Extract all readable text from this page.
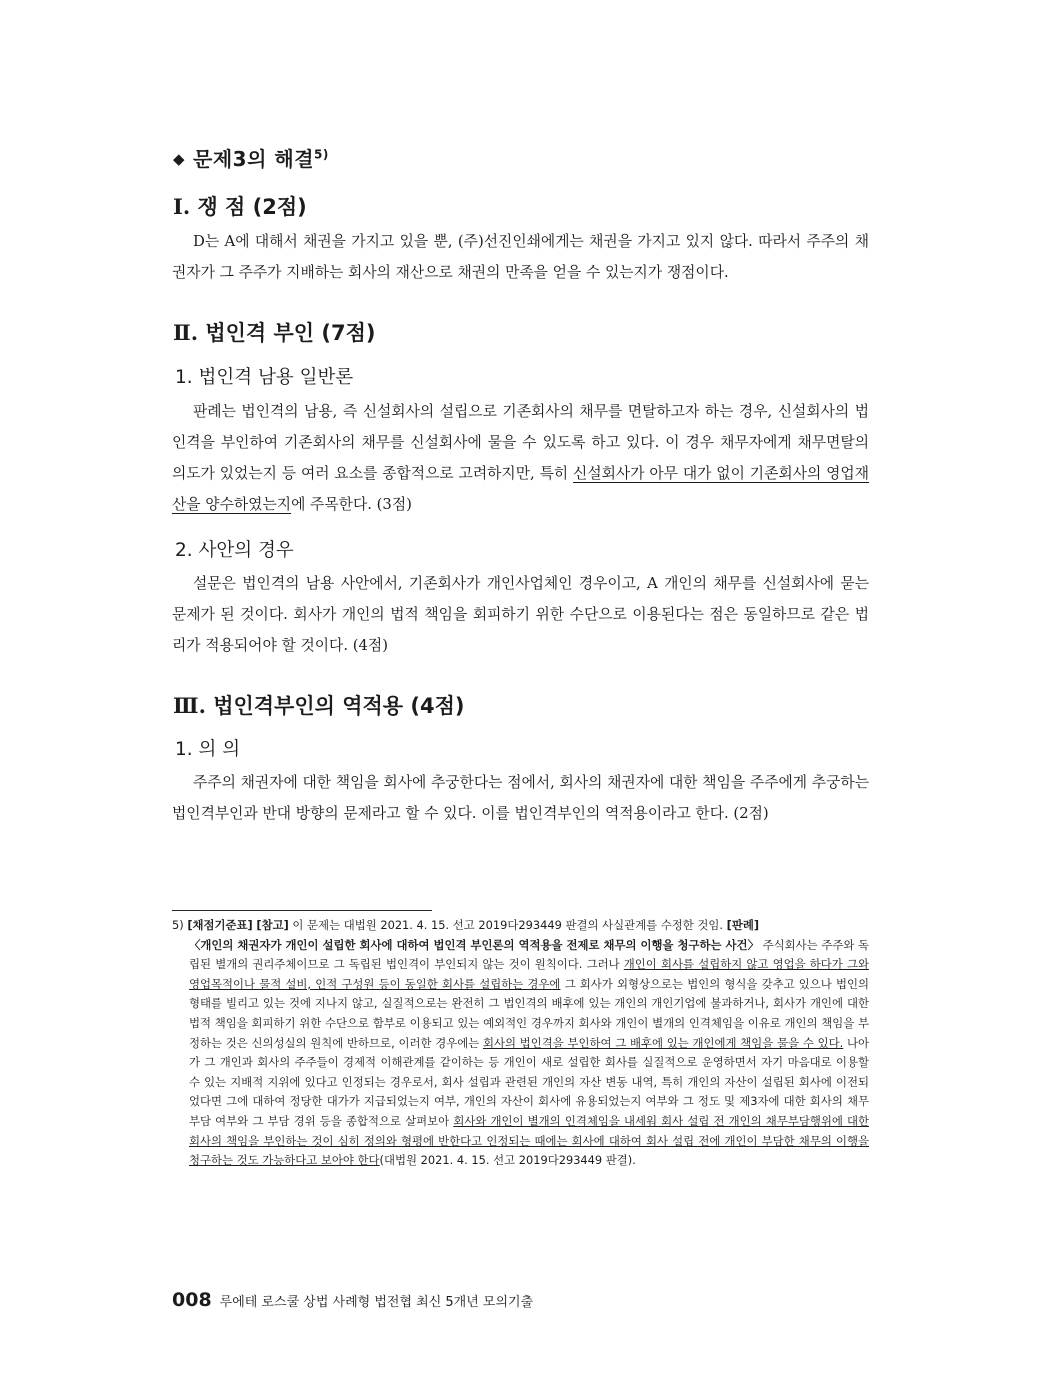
◆ 문제3의 해결$^{5)}$
Ⅰ. 쟁 점 (2점)

D는 A에 대해서 채권을 가지고 있을 뿐, (주)선진인쇄에게는 채권을 가지고 있지 않다. 따라서 주주의 채권자가 그 주주가 지배하는 회사의 재산으로 채권의 만족을 얻을 수 있는지가 쟁점이다.

Ⅱ. 법인격 부인 (7점)
1. 법인격 남용 일반론

판례는 법인격의 남용, 즉 신설회사의 설립으로 기존회사의 채무를 면탈하고자 하는 경우, 신설회사의 법인격을 부인하여 기존회사의 채무를 신설회사에 물을 수 있도록 하고 있다. 이 경우 채무자에게 채무면탈의 의도가 있었는지 등 여러 요소를 종합적으로 고려하지만, 특히 신설회사가 아무 대가 없이 기존회사의 영업재산을 양수하였는지에 주목한다. (3점)

2. 사안의 경우

설문은 법인격의 남용 사안에서, 기존회사가 개인사업체인 경우이고, A 개인의 채무를 신설회사에 묻는 문제가 된 것이다. 회사가 개인의 법적 책임을 회피하기 위한 수단으로 이용된다는 점은 동일하므로 같은 법리가 적용되어야 할 것이다. (4점)

Ⅲ. 법인격부인의 역적용 (4점)
1. 의 의

주주의 채권자에 대한 책임을 회사에 추궁한다는 점에서, 회사의 채권자에 대한 책임을 주주에게 추궁하는 법인격부인과 반대 방향의 문제라고 할 수 있다. 이를 법인격부인의 역적용이라고 한다. (2점)

5) [채점기준표] [참고] 이 문제는 대법원 2021. 4. 15. 선고 2019다293449 판결의 사실관계를 수정한 것임. [판례]
〈개인의 채권자가 개인이 설립한 회사에 대하여 법인격 부인론의 역적용을 전제로 채무의 이행을 청구하는 사건〉 주식회사는 주주와 독립된 별개의 권리주체이므로 그 독립된 법인격이 부인되지 않는 것이 원칙이다. 그러나 개인이 회사를 설립하지 않고 영업을 하다가 그와 영업목적이나 물적 설비, 인적 구성원 등이 동일한 회사를 설립하는 경우에 그 회사가 외형상으로는 법인의 형식을 갖추고 있으나 법인의 형태를 빌리고 있는 것에 지나지 않고, 실질적으로는 완전히 그 법인격의 배후에 있는 개인의 개인기업에 불과하거나, 회사가 개인에 대한 법적 책임을 회피하기 위한 수단으로 함부로 이용되고 있는 예외적인 경우까지 회사와 개인이 별개의 인격체임을 이유로 개인의 책임을 부정하는 것은 신의성실의 원칙에 반하므로, 이러한 경우에는 회사의 법인격을 부인하여 그 배후에 있는 개인에게 책임을 물을 수 있다. 나아가 그 개인과 회사의 주주들이 경제적 이해관계를 같이하는 등 개인이 새로 설립한 회사를 실질적으로 운영하면서 자기 마음대로 이용할 수 있는 지배적 지위에 있다고 인정되는 경우로서, 회사 설립과 관련된 개인의 자산 변동 내역, 특히 개인의 자산이 설립된 회사에 이전되었다면 그에 대하여 정당한 대가가 지급되었는지 여부, 개인의 자산이 회사에 유용되었는지 여부와 그 정도 및 제3자에 대한 회사의 채무 부담 여부와 그 부담 경위 등을 종합적으로 살펴보아 회사와 개인이 별개의 인격체임을 내세워 회사 설립 전 개인의 채무부담행위에 대한 회사의 책임을 부인하는 것이 심히 정의와 형평에 반한다고 인정되는 때에는 회사에 대하여 회사 설립 전에 개인이 부담한 채무의 이행을 청구하는 것도 가능하다고 보아야 한다(대법원 2021. 4. 15. 선고 2019다293449 판결).
008 루에테 로스쿨 상법 사례형 법전협 최신 5개년 모의기출
